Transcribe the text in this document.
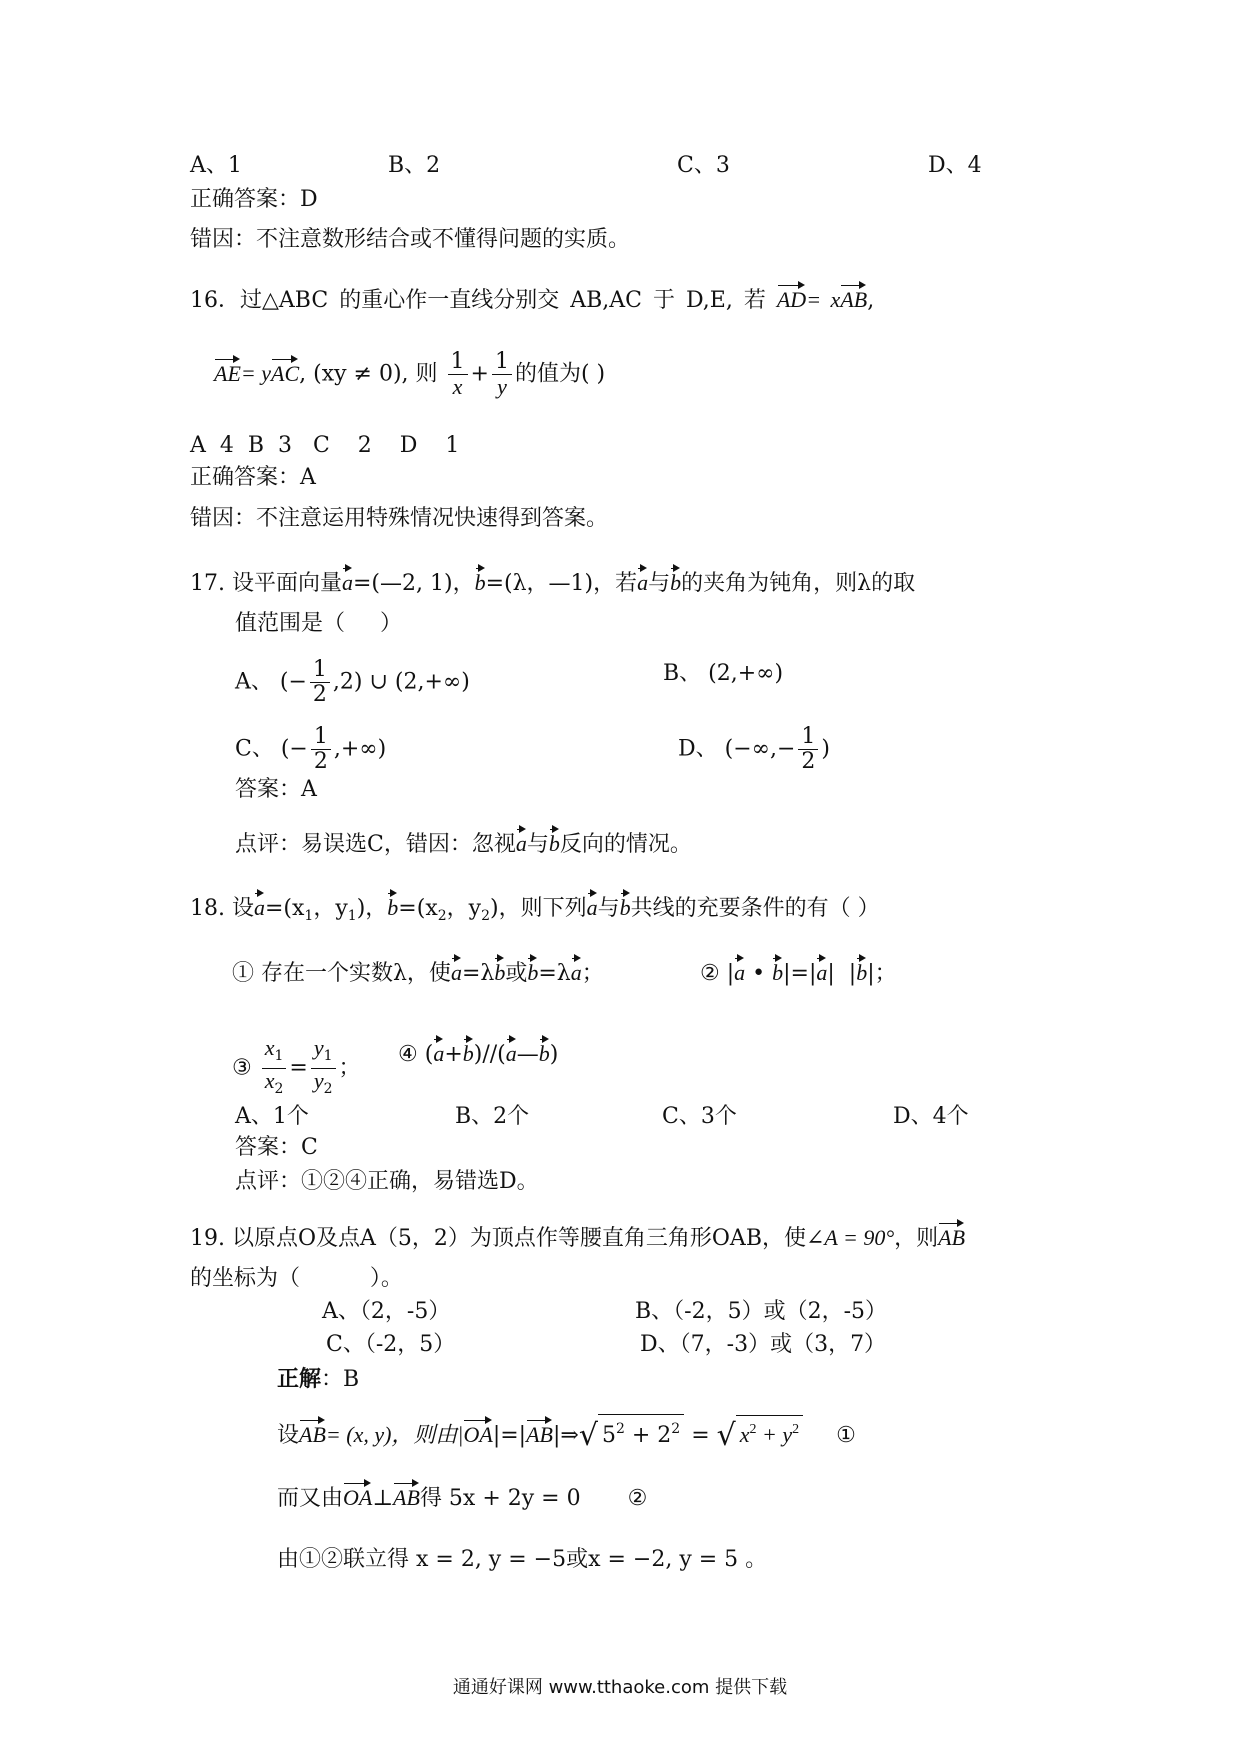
A、1	B、2	C、3	D、4
正确答案：D
错因：不注意数形结合或不懂得问题的实质。
16．过△ABC 的重心作一直线分别交 AB,AC 于 D,E, 若 AD= xAB,
AE= yAC, (xy ≠ 0), 则 $\frac{1}{x} + \frac{1}{y}$ 的值为( )
A  4  B  3   C    2    D    1
正确答案：A
错因：不注意运用特殊情况快速得到答案。
17. 设平面向量a=(—2, 1)，b=(λ，—1)，若a与b的夹角为钝角，则λ的取
值范围是（     ）
A、 (− $\frac{1}{2} ,2$) ∪ (2,+∞)	B、 (2,+∞)
C、 (− $\frac{1}{2}$ ,+∞)	D、 (−∞,− $\frac{1}{2}$ )
答案：A
点评：易误选C，错因：忽视a与b反向的情况。
18. 设$a=(x_1$，$y_1$)，$b=(x_2$，$y_2$)，则下列a与b共线的充要条件的有（ ）
① 存在一个实数λ，使a=λb或b=λa；	② |a • b|=|a|  |b|；
③ $\frac{x_1}{x_2} = \frac{y_1}{y_2}$ ；
④ (a+b)//(a—b)
A、1个	B、2个	C、3个	D、4个
答案：C
点评：①②④正确，易错选D。
19. 以原点O及点A（5，2）为顶点作等腰直角三角形OAB，使∠A = 90°，则AB
的坐标为（          ）。
A、（2，-5）	B、（-2，5）或（2，-5）
C、（-2，5）	D、（7，-3）或（3，7）
正解：B
设AB= (x, y)，则由|OA|=|AB|⇒√ $5^2 + 2^2$ = √ $x^2 + y^2$ ①
而又由OA⊥AB得 5x + 2y = 0 ②
由①②联立得 x = 2, y = −5或x = −2, y = 5 。
通通好课网 www.tthaoke.com 提供下载
